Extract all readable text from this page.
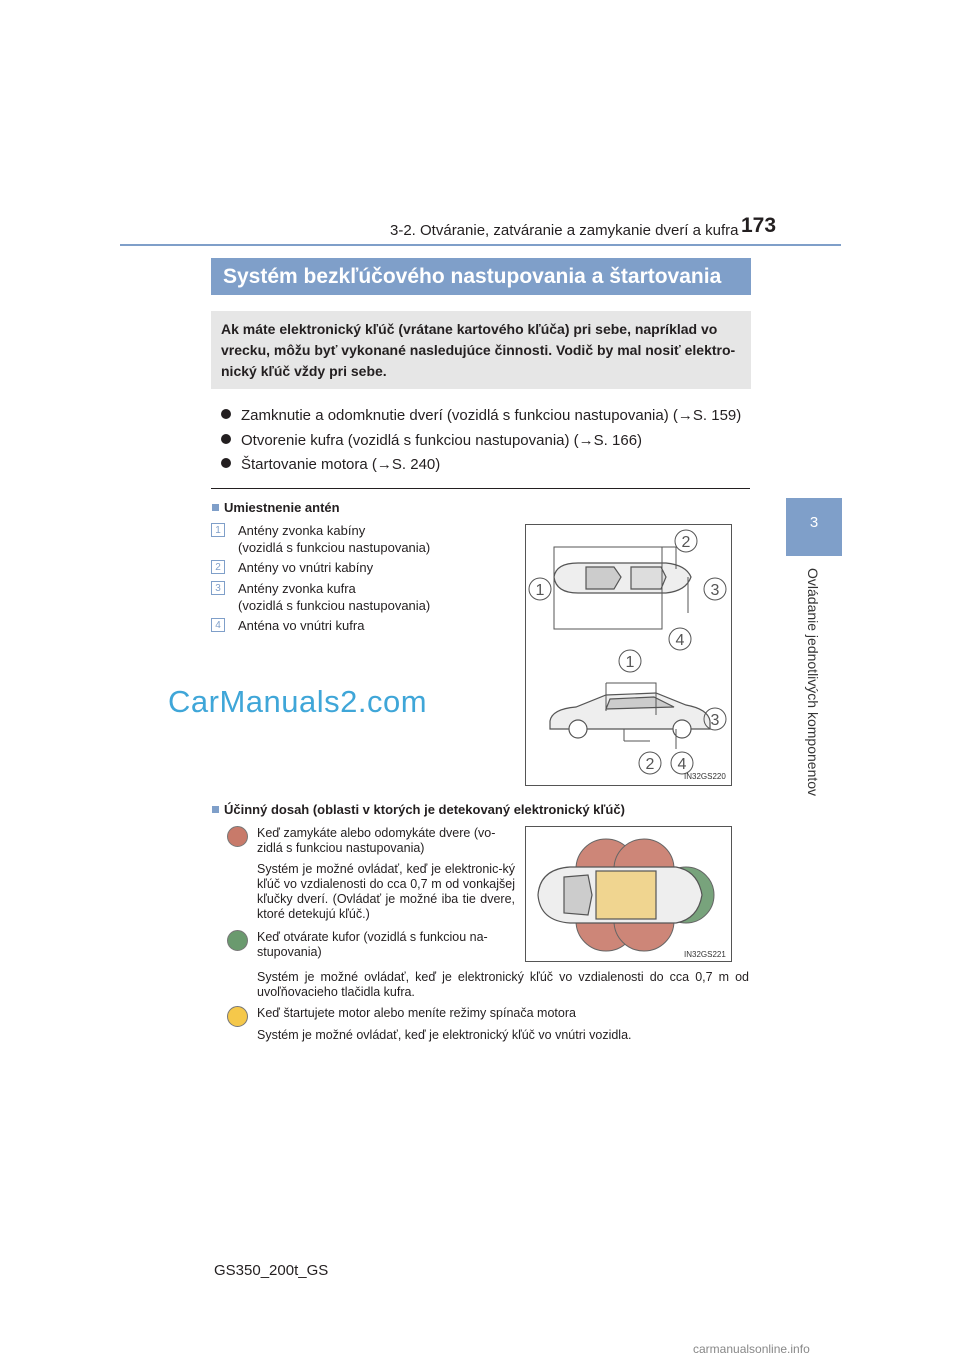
3-2. Otváranie, zatváranie a zamykanie dverí a kufra 173
3
Ovládanie jednotlivých komponentov
Systém bezkľúčového nastupovania a štartovania
Ak máte elektronický kľúč (vrátane kartového kľúča) pri sebe, napríklad vo vrecku, môžu byť vykonané nasledujúce činnosti. Vodič by mal nosiť elektro-nický kľúč vždy pri sebe.
Zamknutie a odomknutie dverí (vozidlá s funkciou nastupovania) (→S. 159)
Otvorenie kufra (vozidlá s funkciou nastupovania) (→S. 166)
Štartovanie motora (→S. 240)
Umiestnenie antén
1	Antény zvonka kabíny
(vozidlá s funkciou nastupovania)
2	Antény vo vnútri kabíny
3	Antény zvonka kufra
(vozidlá s funkciou nastupovania)
4	Anténa vo vnútri kufra
2
1	3
4
1
3
2 4
IN32GS220
CarManuals2.com
Účinný dosah (oblasti v ktorých je detekovaný elektronický kľúč)
Keď zamykáte alebo odomykáte dvere (vo-
zidlá s funkciou nastupovania)
Systém je možné ovládať, keď je elektronic-ký kľúč vo vzdialenosti do cca 0,7 m od vonkajšej kľučky dverí. (Ovládať je možné iba tie dvere, ktoré detekujú kľúč.)
Keď otvárate kufor (vozidlá s funkciou na-
stupovania)
Systém je možné ovládať, keď je elektronický kľúč vo vzdialenosti do cca 0,7 m od uvoľňovacieho tlačidla kufra.
Keď štartujete motor alebo meníte režimy spínača motora
Systém je možné ovládať, keď je elektronický kľúč vo vnútri vozidla.
IN32GS221
GS350_200t_GS
carmanualsonline.info
